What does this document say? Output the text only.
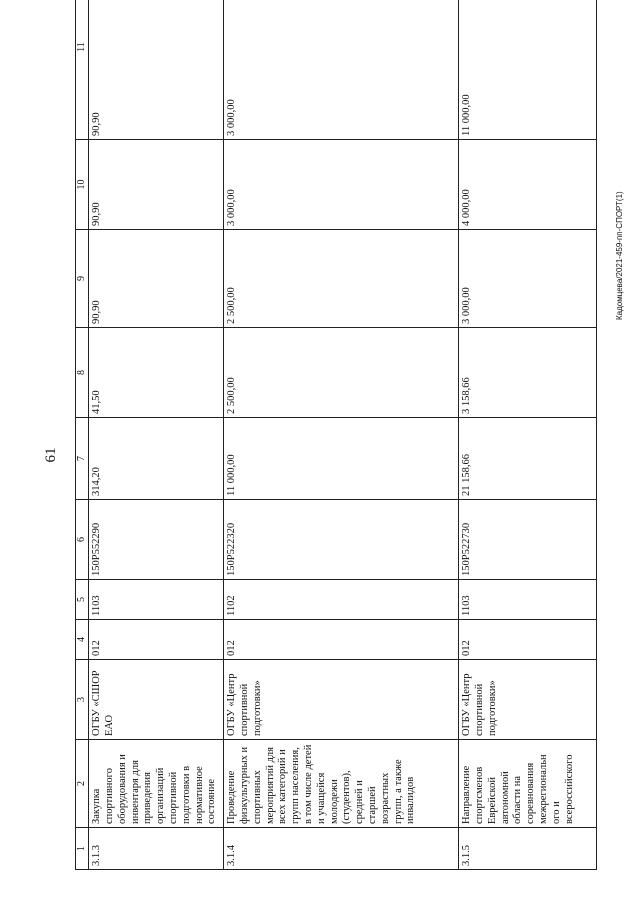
61
Кадомцева/2021-459-пп-СПОРТ(1)
1	2	3	4	5	6	7	8	9	10	11
3.1.3	Закупка спортивного оборудования и инвентаря для приведения организаций спортивной подготовки в нормативное состояние	ОГБУ «СШОР ЕАО	012	1103	150P552290	314,20	41,50	90,90	90,90	90,90
3.1.4	Проведение физкультурных и спортивных мероприятий для всех категорий и групп населения, в том числе детей и учащейся молодежи (студентов), средней и старшей возрастных групп, а также инвалидов	ОГБУ «Центр спортивной подготовки»	012	1102	150P522320	11 000,00	2 500,00	2 500,00	3 000,00	3 000,00
3.1.5	Направление спортсменов Еврейской автономной области на соревнования межрегиональн ого и всероссийского	ОГБУ «Центр спортивной подготовки»	012	1103	150P522730	21 158,66	3 158,66	3 000,00	4 000,00	11 000,00
